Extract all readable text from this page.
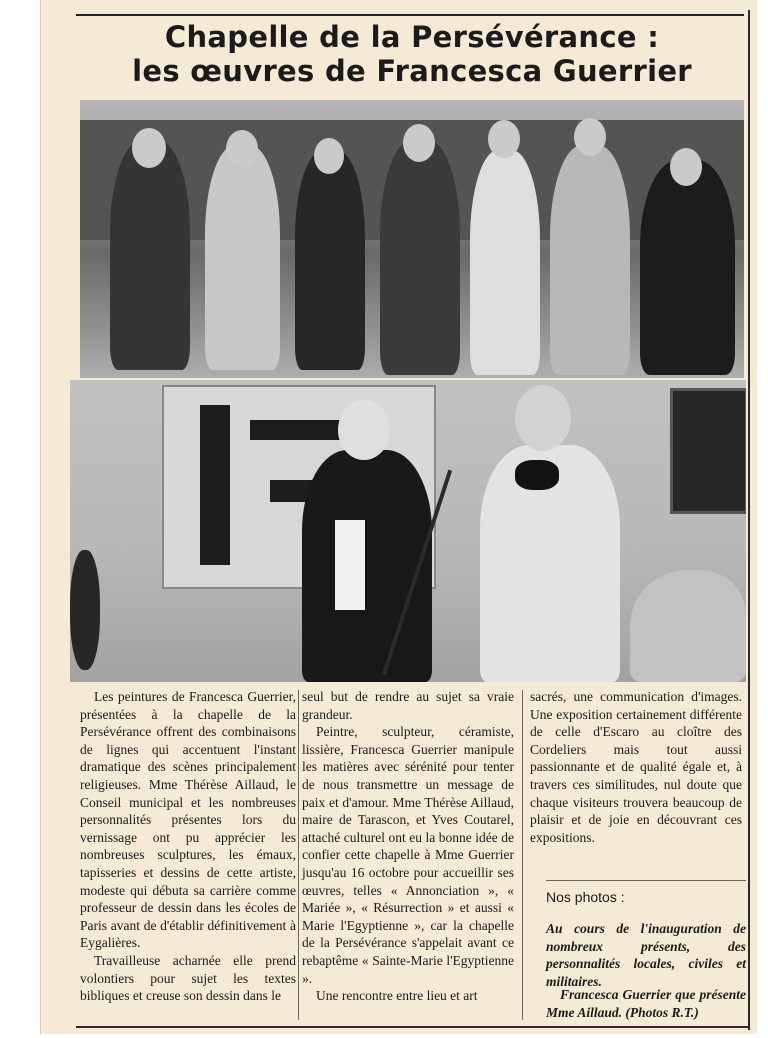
Chapelle de la Persévérance :
les œuvres de Francesca Guerrier

Les peintures de Francesca Guerrier, présentées à la chapelle de la Persévérance offrent des combinaisons de lignes qui accentuent l'instant dramatique des scènes principalement religieuses. Mme Thérèse Aillaud, le Conseil municipal et les nombreuses personnalités présentes lors du vernissage ont pu apprécier les nombreuses sculptures, les émaux, tapisseries et dessins de cette artiste, modeste qui débuta sa carrière comme professeur de dessin dans les écoles de Paris avant de d'établir définitivement à Eygalières.

Travailleuse acharnée elle prend volontiers pour sujet les textes bibliques et creuse son dessin dans le

seul but de rendre au sujet sa vraie grandeur.

Peintre, sculpteur, céramiste, lissière, Francesca Guerrier manipule les matières avec sérénité pour tenter de nous transmettre un message de paix et d'amour. Mme Thérèse Aillaud, maire de Tarascon, et Yves Coutarel, attaché culturel ont eu la bonne idée de confier cette chapelle à Mme Guerrier jusqu'au 16 octobre pour accueillir ses œuvres, telles « Annonciation », « Mariée », « Résurrection » et aussi « Marie l'Egyptienne », car la chapelle de la Persévérance s'appelait avant ce rebaptême « Sainte-Marie l'Egyptienne ».

Une rencontre entre lieu et art

sacrés, une communication d'images. Une exposition certainement différente de celle d'Escaro au cloître des Cordeliers mais tout aussi passionnante et de qualité égale et, à travers ces similitudes, nul doute que chaque visiteurs trouvera beaucoup de plaisir et de joie en découvrant ces expositions.

Nos photos :
Au cours de l'inauguration de nombreux présents, des personnalités locales, civiles et militaires.
Francesca Guerrier que présente Mme Aillaud. (Photos R.T.)
